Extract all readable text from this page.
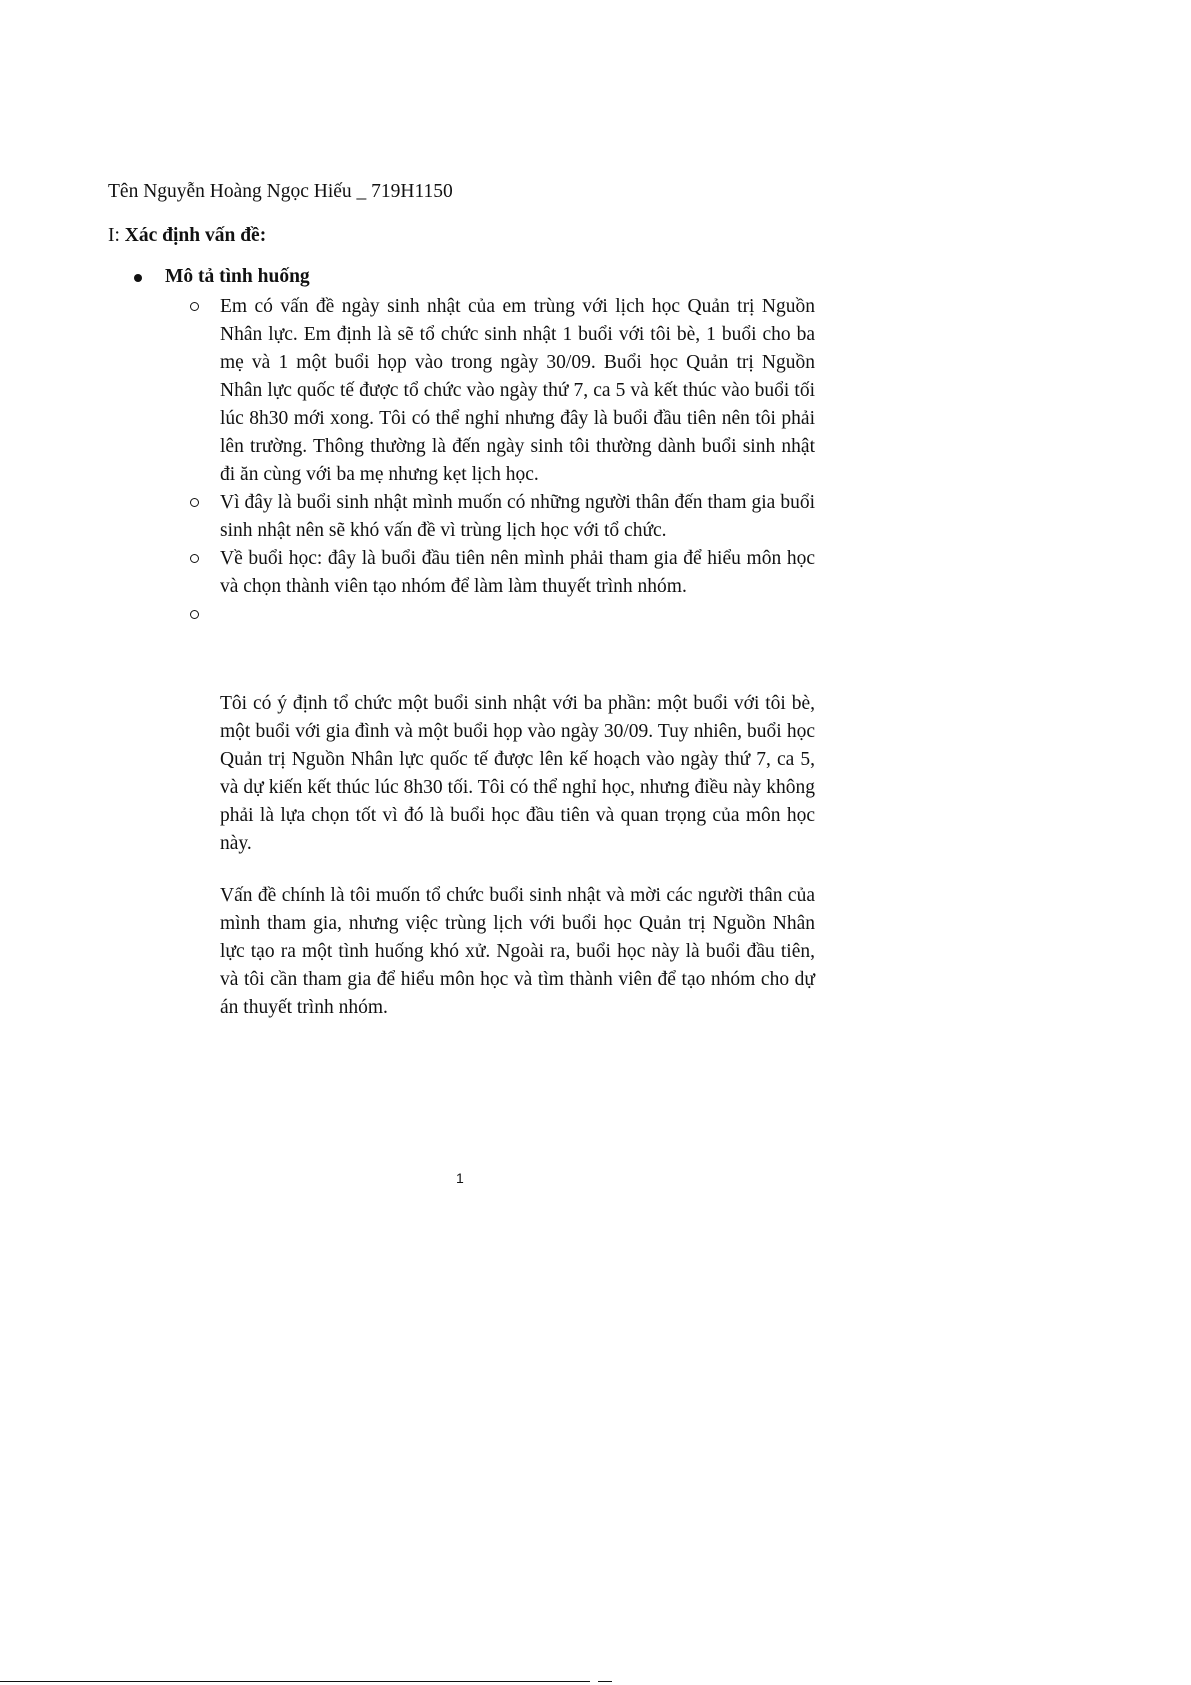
Tên Nguyễn Hoàng Ngọc Hiếu _ 719H1150
I: Xác định vấn đề:
Mô tả tình huống
Em có vấn đề ngày sinh nhật của em trùng với lịch học Quản trị Nguồn Nhân lực. Em định là sẽ tổ chức sinh nhật 1 buổi với tôi bè, 1 buổi cho ba mẹ và 1 một buổi họp vào trong ngày 30/09. Buổi học Quản trị Nguồn Nhân lực quốc tế được tổ chức vào ngày thứ 7, ca 5 và kết thúc vào buổi tối lúc 8h30 mới xong. Tôi có thể nghỉ nhưng đây là buổi đầu tiên nên tôi phải lên trường. Thông thường là đến ngày sinh tôi thường dành buổi sinh nhật đi ăn cùng với ba mẹ nhưng kẹt lịch học.
Vì đây là buổi sinh nhật mình muốn có những người thân đến tham gia buổi sinh nhật nên sẽ khó vấn đề vì trùng lịch học với tổ chức.
Về buổi học: đây là buổi đầu tiên nên mình phải tham gia để hiểu môn học và chọn thành viên tạo nhóm để làm làm thuyết trình nhóm.
Tôi có ý định tổ chức một buổi sinh nhật với ba phần: một buổi với tôi bè, một buổi với gia đình và một buổi họp vào ngày 30/09. Tuy nhiên, buổi học Quản trị Nguồn Nhân lực quốc tế được lên kế hoạch vào ngày thứ 7, ca 5, và dự kiến kết thúc lúc 8h30 tối. Tôi có thể nghỉ học, nhưng điều này không phải là lựa chọn tốt vì đó là buổi học đầu tiên và quan trọng của môn học này.
Vấn đề chính là tôi muốn tổ chức buổi sinh nhật và mời các người thân của mình tham gia, nhưng việc trùng lịch với buổi học Quản trị Nguồn Nhân lực tạo ra một tình huống khó xử. Ngoài ra, buổi học này là buổi đầu tiên, và tôi cần tham gia để hiểu môn học và tìm thành viên để tạo nhóm cho dự án thuyết trình nhóm.
1
